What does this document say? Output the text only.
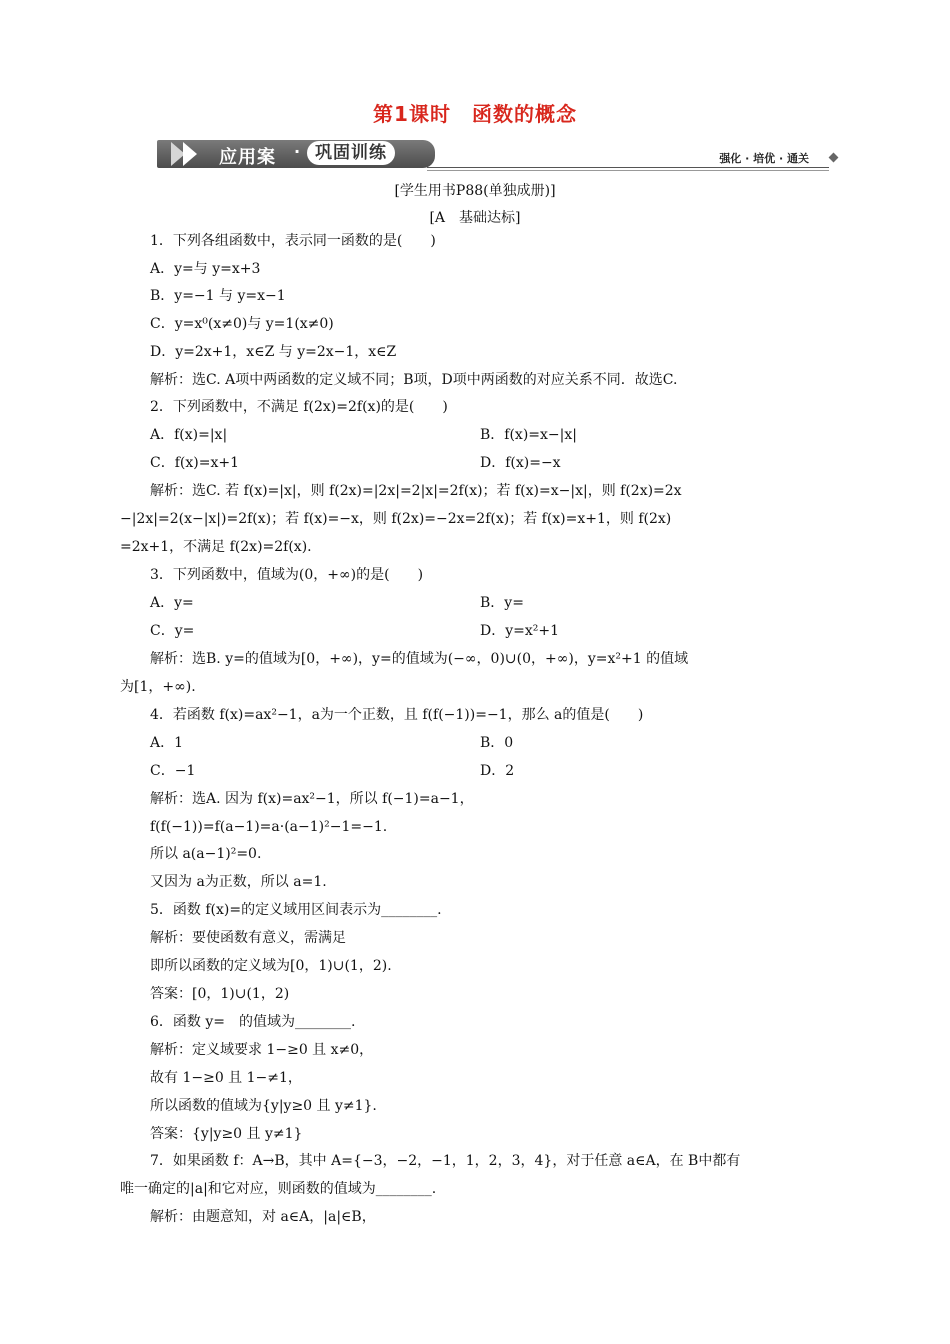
第1课时　函数的概念
应用案 · 巩固训练	强化 · 培优 · 通关
[学生用书P88(单独成册)]
[A　基础达标]
1．下列各组函数中，表示同一函数的是(　　)
A．y=与 y=x+3
B．y=−1 与 y=x−1
C．y=x⁰(x≠0)与 y=1(x≠0)
D．y=2x+1，x∈Z 与 y=2x−1，x∈Z
解析：选C. A项中两函数的定义域不同；B项，D项中两函数的对应关系不同．故选C.
2．下列函数中，不满足 f(2x)=2f(x)的是(　　)
A．f(x)=|x|	B．f(x)=x−|x|
C．f(x)=x+1	D．f(x)=−x
解析：选C. 若 f(x)=|x|，则 f(2x)=|2x|=2|x|=2f(x)；若 f(x)=x−|x|，则 f(2x)=2x
−|2x|=2(x−|x|)=2f(x)；若 f(x)=−x，则 f(2x)=−2x=2f(x)；若 f(x)=x+1，则 f(2x)
=2x+1，不满足 f(2x)=2f(x).
3．下列函数中，值域为(0，+∞)的是(　　)
A．y=	B．y=
C．y=	D．y=x²+1
解析：选B. y=的值域为[0，+∞)，y=的值域为(−∞，0)∪(0，+∞)，y=x²+1 的值域
为[1，+∞).
4．若函数 f(x)=ax²−1，a为一个正数，且 f(f(−1))=−1，那么 a的值是(　　)
A．1	B．0
C．−1	D．2
解析：选A. 因为 f(x)=ax²−1，所以 f(−1)=a−1，
f(f(−1))=f(a−1)=a·(a−1)²−1=−1.
所以 a(a−1)²=0.
又因为 a为正数，所以 a=1.
5．函数 f(x)=的定义域用区间表示为________.
解析：要使函数有意义，需满足
即所以函数的定义域为[0，1)∪(1，2).
答案：[0，1)∪(1，2)
6．函数 y=　的值域为________.
解析：定义域要求 1−≥0 且 x≠0，
故有 1−≥0 且 1−≠1，
所以函数的值域为{y|y≥0 且 y≠1}.
答案：{y|y≥0 且 y≠1}
7．如果函数 f：A→B，其中 A={−3，−2，−1，1，2，3，4}，对于任意 a∈A，在 B中都有
唯一确定的|a|和它对应，则函数的值域为________.
解析：由题意知，对 a∈A，|a|∈B，
